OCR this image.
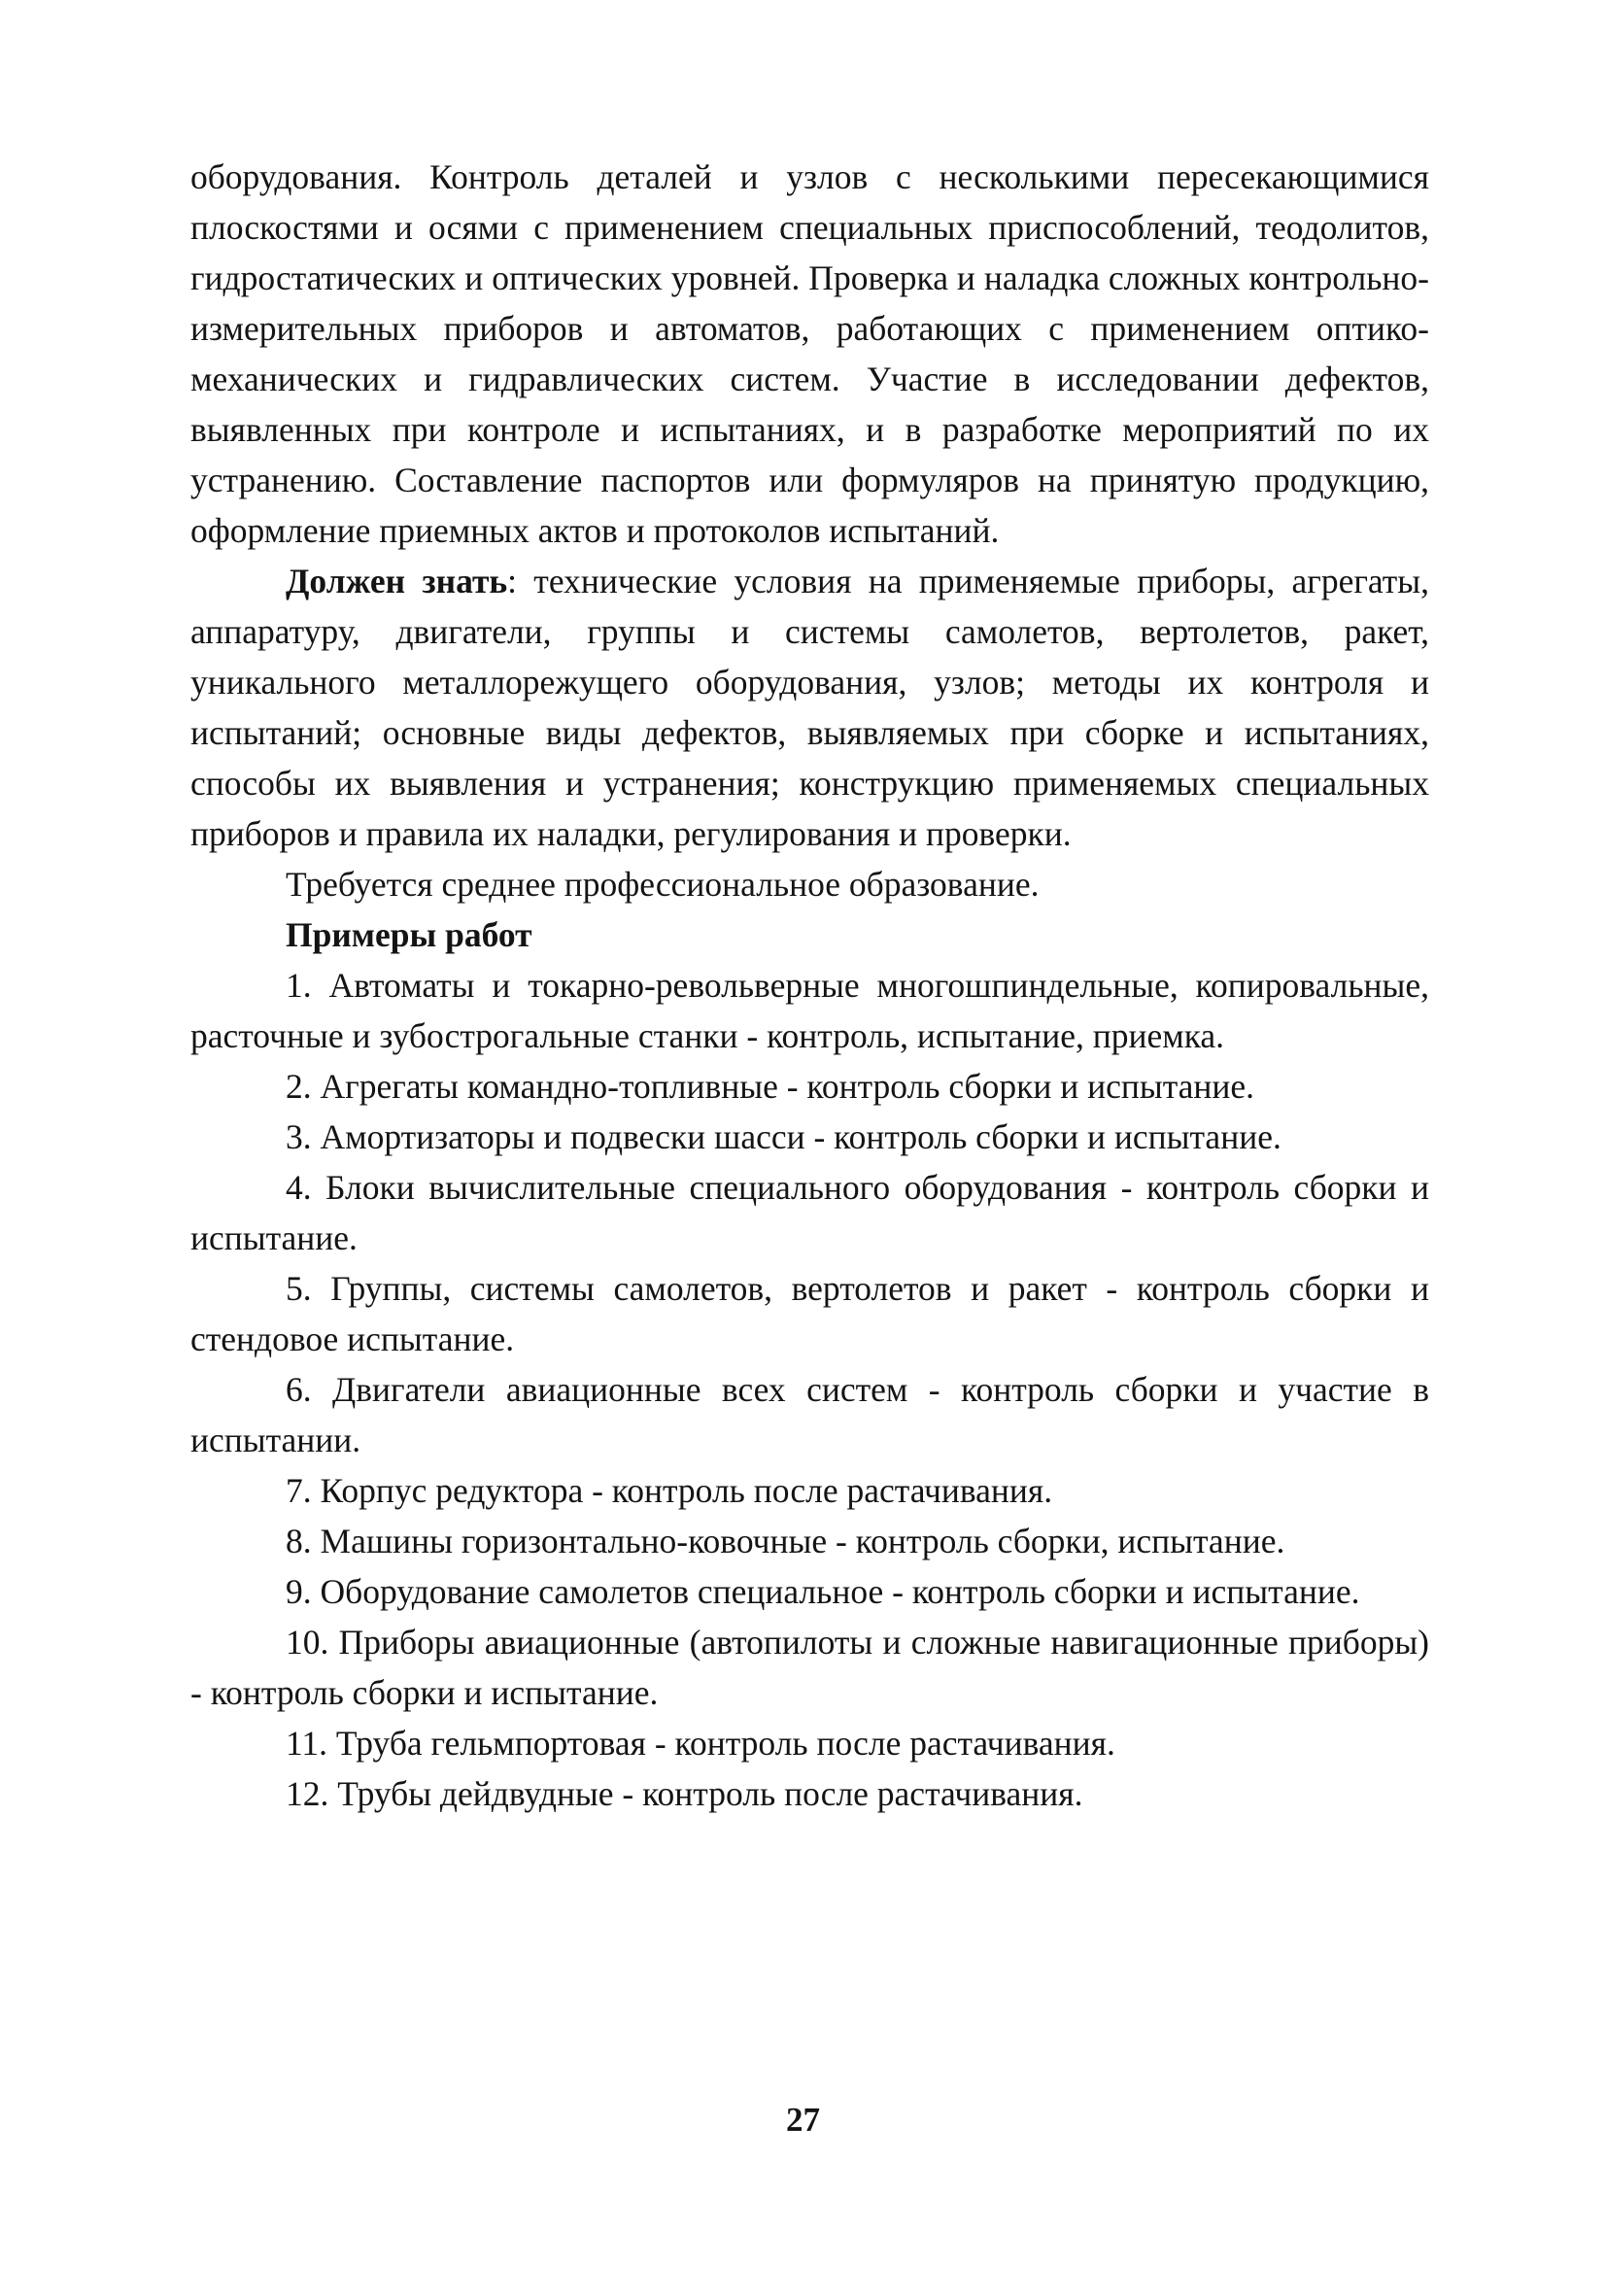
оборудования. Контроль деталей и узлов с несколькими пересекающимися плоскостями и осями с применением специальных приспособлений, теодолитов, гидростатических и оптических уровней. Проверка и наладка сложных контрольно-измерительных приборов и автоматов, работающих с применением оптико-механических и гидравлических систем. Участие в исследовании дефектов, выявленных при контроле и испытаниях, и в разработке мероприятий по их устранению. Составление паспортов или формуляров на принятую продукцию, оформление приемных актов и протоколов испытаний.

Должен знать: технические условия на применяемые приборы, агрегаты, аппаратуру, двигатели, группы и системы самолетов, вертолетов, ракет, уникального металлорежущего оборудования, узлов; методы их контроля и испытаний; основные виды дефектов, выявляемых при сборке и испытаниях, способы их выявления и устранения; конструкцию применяемых специальных приборов и правила их наладки, регулирования и проверки.

Требуется среднее профессиональное образование.

Примеры работ

1. Автоматы и токарно-револьверные многошпиндельные, копировальные, расточные и зубострогальные станки - контроль, испытание, приемка.

2. Агрегаты командно-топливные - контроль сборки и испытание.

3. Амортизаторы и подвески шасси - контроль сборки и испытание.

4. Блоки вычислительные специального оборудования - контроль сборки и испытание.

5. Группы, системы самолетов, вертолетов и ракет - контроль сборки и стендовое испытание.

6. Двигатели авиационные всех систем - контроль сборки и участие в испытании.

7. Корпус редуктора - контроль после растачивания.

8. Машины горизонтально-ковочные - контроль сборки, испытание.

9. Оборудование самолетов специальное - контроль сборки и испытание.

10. Приборы авиационные (автопилоты и сложные навигационные приборы) - контроль сборки и испытание.

11. Труба гельмпортовая - контроль после растачивания.

12. Трубы дейдвудные - контроль после растачивания.

27
